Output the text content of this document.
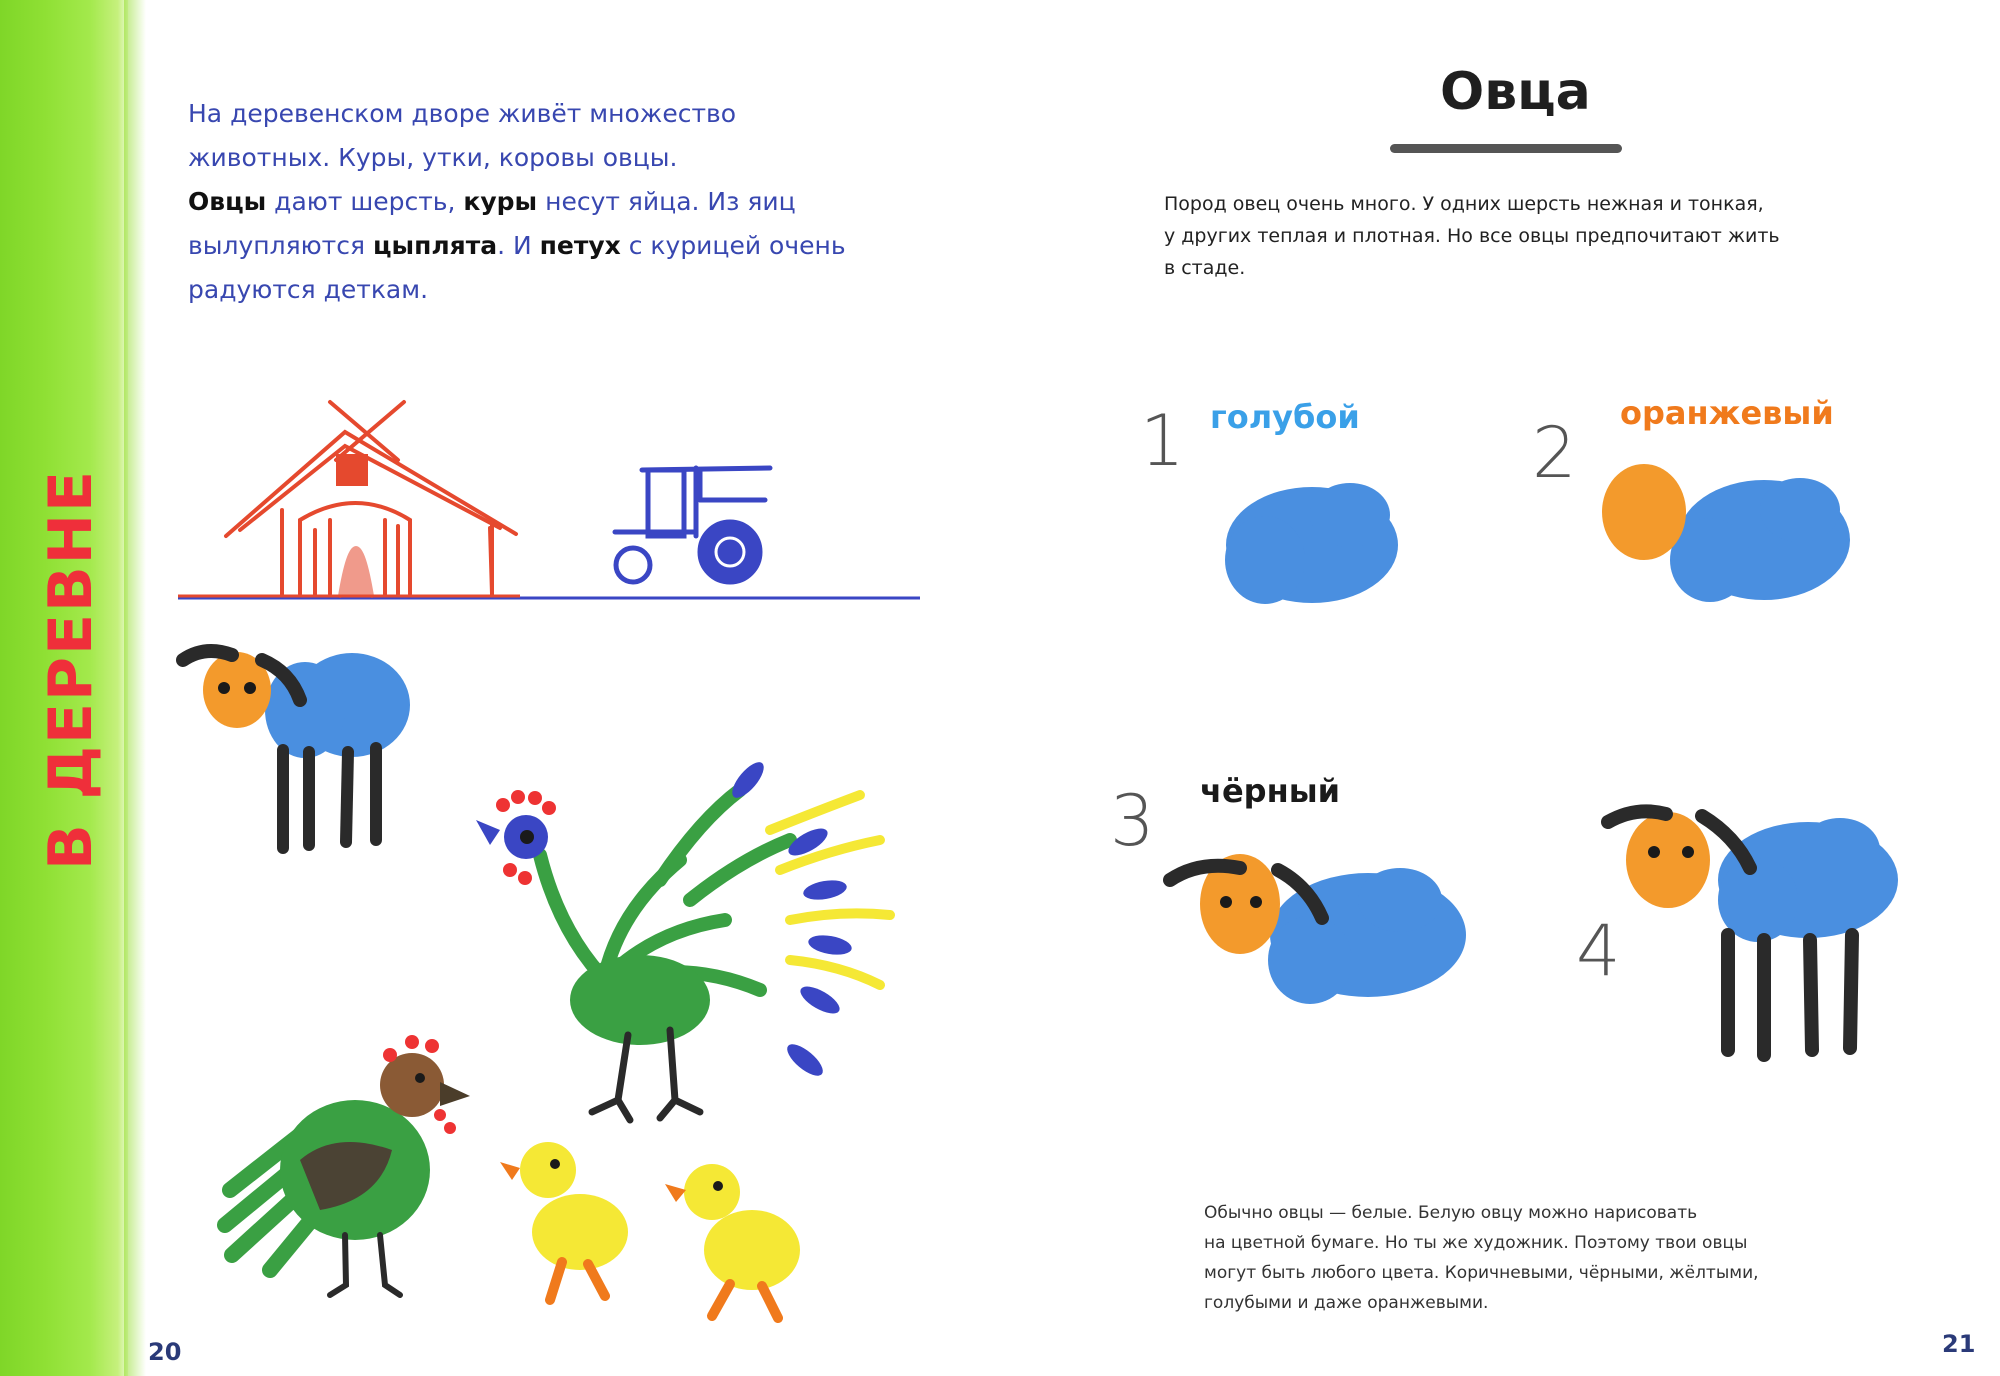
В ДЕРЕВНЕ
На деревенском дворе живёт множество
животных. Куры, утки, коровы овцы.
Овцы дают шерсть, куры несут яйца. Из яиц
вылупляются цыплята. И петух с курицей очень
радуются деткам.
Овца
Пород овец очень много. У одних шерсть нежная и тонкая,
у других теплая и плотная. Но все овцы предпочитают жить
в стаде.
1 голубой 2 оранжевый
3 чёрный
4
Обычно овцы — белые. Белую овцу можно нарисовать
на цветной бумаге. Но ты же художник. Поэтому твои овцы
могут быть любого цвета. Коричневыми, чёрными, жёлтыми,
голубыми и даже оранжевыми.
20	21
